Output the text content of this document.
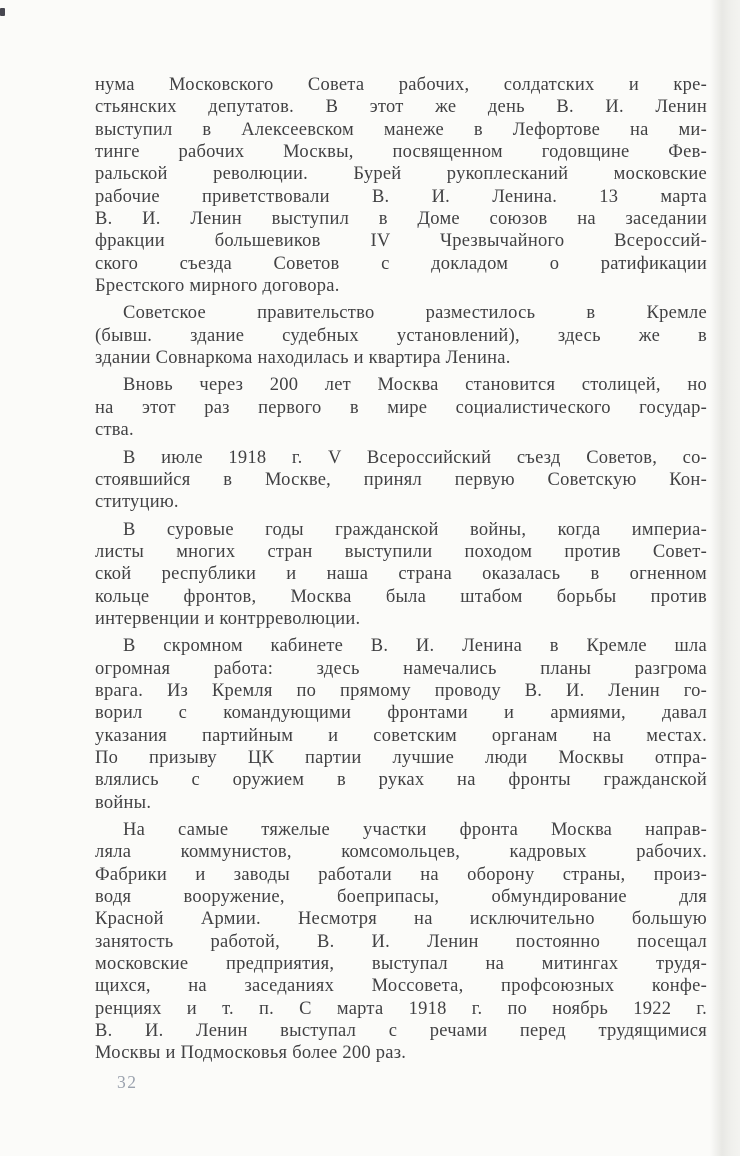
нума Московского Совета рабочих, солдатских и кре-
стьянских депутатов. В этот же день В. И. Ленин
выступил в Алексеевском манеже в Лефортове на ми-
тинге рабочих Москвы, посвященном годовщине Фев-
ральской революции. Бурей рукоплесканий московские
рабочие приветствовали В. И. Ленина. 13 марта
В. И. Ленин выступил в Доме союзов на заседании
фракции большевиков IV Чрезвычайного Всероссий-
ского съезда Советов с докладом о ратификации
Брестского мирного договора.
Советское правительство разместилось в Кремле
(бывш. здание судебных установлений), здесь же в
здании Совнаркома находилась и квартира Ленина.
Вновь через 200 лет Москва становится столицей, но
на этот раз первого в мире социалистического государ-
ства.
В июле 1918 г. V Всероссийский съезд Советов, со-
стоявшийся в Москве, принял первую Советскую Кон-
ституцию.
В суровые годы гражданской войны, когда империа-
листы многих стран выступили походом против Совет-
ской республики и наша страна оказалась в огненном
кольце фронтов, Москва была штабом борьбы против
интервенции и контрреволюции.
В скромном кабинете В. И. Ленина в Кремле шла
огромная работа: здесь намечались планы разгрома
врага. Из Кремля по прямому проводу В. И. Ленин го-
ворил с командующими фронтами и армиями, давал
указания партийным и советским органам на местах.
По призыву ЦК партии лучшие люди Москвы отпра-
влялись с оружием в руках на фронты гражданской
войны.
На самые тяжелые участки фронта Москва направ-
ляла коммунистов, комсомольцев, кадровых рабочих.
Фабрики и заводы работали на оборону страны, произ-
водя вооружение, боеприпасы, обмундирование для
Красной Армии. Несмотря на исключительно большую
занятость работой, В. И. Ленин постоянно посещал
московские предприятия, выступал на митингах трудя-
щихся, на заседаниях Моссовета, профсоюзных конфе-
ренциях и т. п. С марта 1918 г. по ноябрь 1922 г.
В. И. Ленин выступал с речами перед трудящимися
Москвы и Подмосковья более 200 раз.
32
